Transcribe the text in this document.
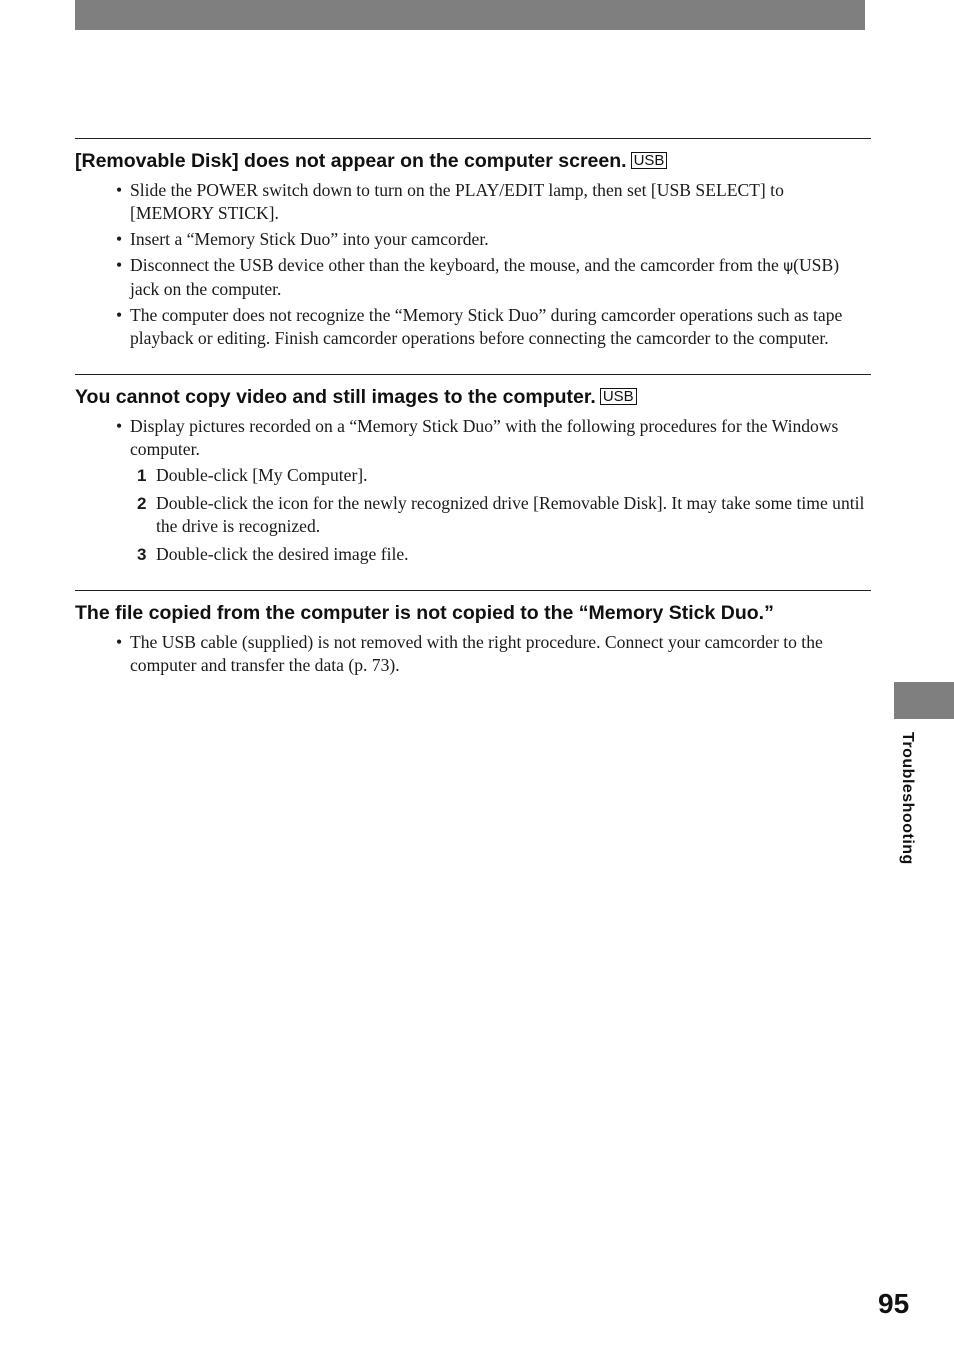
[Removable Disk] does not appear on the computer screen. USB
• Slide the POWER switch down to turn on the PLAY/EDIT lamp, then set [USB SELECT] to [MEMORY STICK].
• Insert a “Memory Stick Duo” into your camcorder.
• Disconnect the USB device other than the keyboard, the mouse, and the camcorder from the ψ(USB) jack on the computer.
• The computer does not recognize the “Memory Stick Duo” during camcorder operations such as tape playback or editing. Finish camcorder operations before connecting the camcorder to the computer.
You cannot copy video and still images to the computer. USB
• Display pictures recorded on a “Memory Stick Duo” with the following procedures for the Windows computer.
1 Double-click [My Computer].
2 Double-click the icon for the newly recognized drive [Removable Disk]. It may take some time until the drive is recognized.
3 Double-click the desired image file.
The file copied from the computer is not copied to the “Memory Stick Duo.”
• The USB cable (supplied) is not removed with the right procedure. Connect your camcorder to the computer and transfer the data (p. 73).
Troubleshooting
95
